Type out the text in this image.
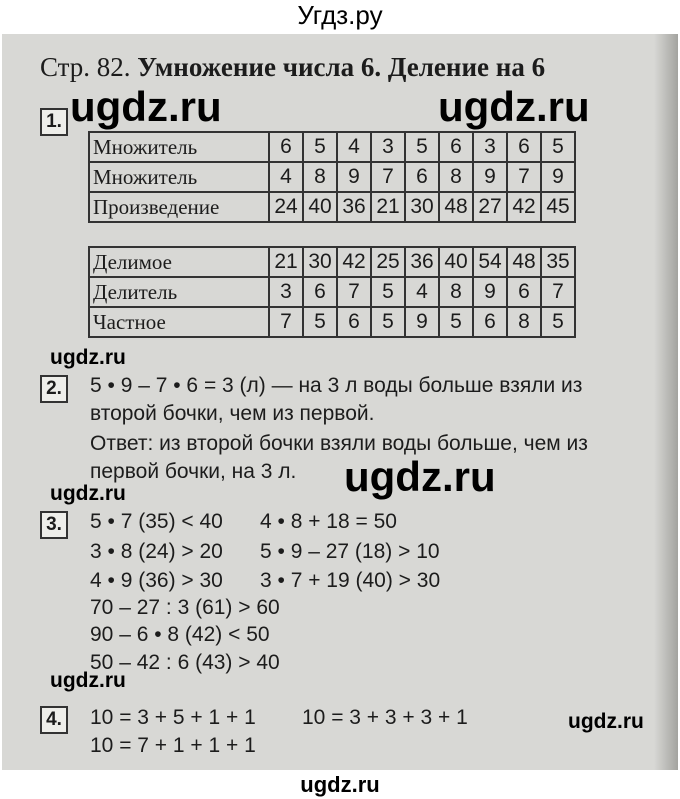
Угдз.ру
Стр. 82. Умножение числа 6. Деление на 6
ugdz.ru	ugdz.ru
1.
Множитель	6	5	4	3	5	6	3	6	5
Множитель	4	8	9	7	6	8	9	7	9
Произведение	24	40	36	21	30	48	27	42	45
Делимое	21	30	42	25	36	40	54	48	35
Делитель	3	6	7	5	4	8	9	6	7
Частное	7	5	6	5	9	5	6	8	5
ugdz.ru
2. 5 • 9 – 7 • 6 = 3 (л) — на 3 л воды больше взяли из
второй бочки, чем из первой.
Ответ: из второй бочки взяли воды больше, чем из
первой бочки, на 3 л. ugdz.ru
ugdz.ru
3. 5 • 7 (35) < 40
3 • 8 (24) > 20
4 • 9 (36) > 30
70 – 27 : 3 (61) > 60
90 – 6 • 8 (42) < 50
50 – 42 : 6 (43) > 40
4 • 8 + 18 = 50
5 • 9 – 27 (18) > 10
3 • 7 + 19 (40) > 30
ugdz.ru
4. 10 = 3 + 5 + 1 + 1 10 = 3 + 3 + 3 + 1
10 = 7 + 1 + 1 + 1
ugdz.ru
ugdz.ru
